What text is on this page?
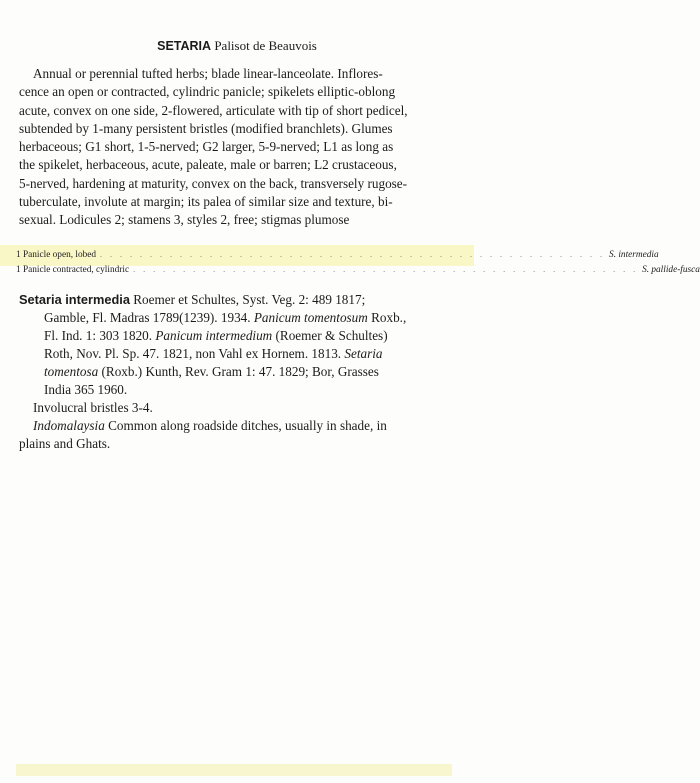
SETARIA Palisot de Beauvois
Annual or perennial tufted herbs; blade linear-lanceolate. Inflores-
cence an open or contracted, cylindric panicle; spikelets elliptic-oblong
acute, convex on one side, 2-flowered, articulate with tip of short pedicel,
subtended by 1-many persistent bristles (modified branchlets). Glumes
herbaceous; G1 short, 1-5-nerved; G2 larger, 5-9-nerved; L1 as long as
the spikelet, herbaceous, acute, paleate, male or barren; L2 crustaceous,
5-nerved, hardening at maturity, convex on the back, transversely rugose-
tuberculate, involute at margin; its palea of similar size and texture, bi-
sexual. Lodicules 2; stamens 3, styles 2, free; stigmas plumose
1 Panicle open, lobed . . . . . . . . . . . . . . . . . . . . . . . . . . . . . . . . . . . . . . . . . . . . . . . . . . . S. intermedia
1 Panicle contracted, cylindric . . . . . . . . . . . . . . . . . . . . . . . . . . . . . . . . . . . . . . . . . . . . . . . . . . . S. pallide-fusca
Setaria intermedia Roemer et Schultes, Syst. Veg. 2: 489 1817;
Gamble, Fl. Madras 1789(1239). 1934. Panicum tomentosum Roxb.,
Fl. Ind. 1: 303 1820. Panicum intermedium (Roemer & Schultes)
Roth, Nov. Pl. Sp. 47. 1821, non Vahl ex Hornem. 1813. Setaria
tomentosa (Roxb.) Kunth, Rev. Gram 1: 47. 1829; Bor, Grasses
India 365 1960.
Involucral bristles 3-4.
Indomalaysia Common along roadside ditches, usually in shade, in
plains and Ghats.
